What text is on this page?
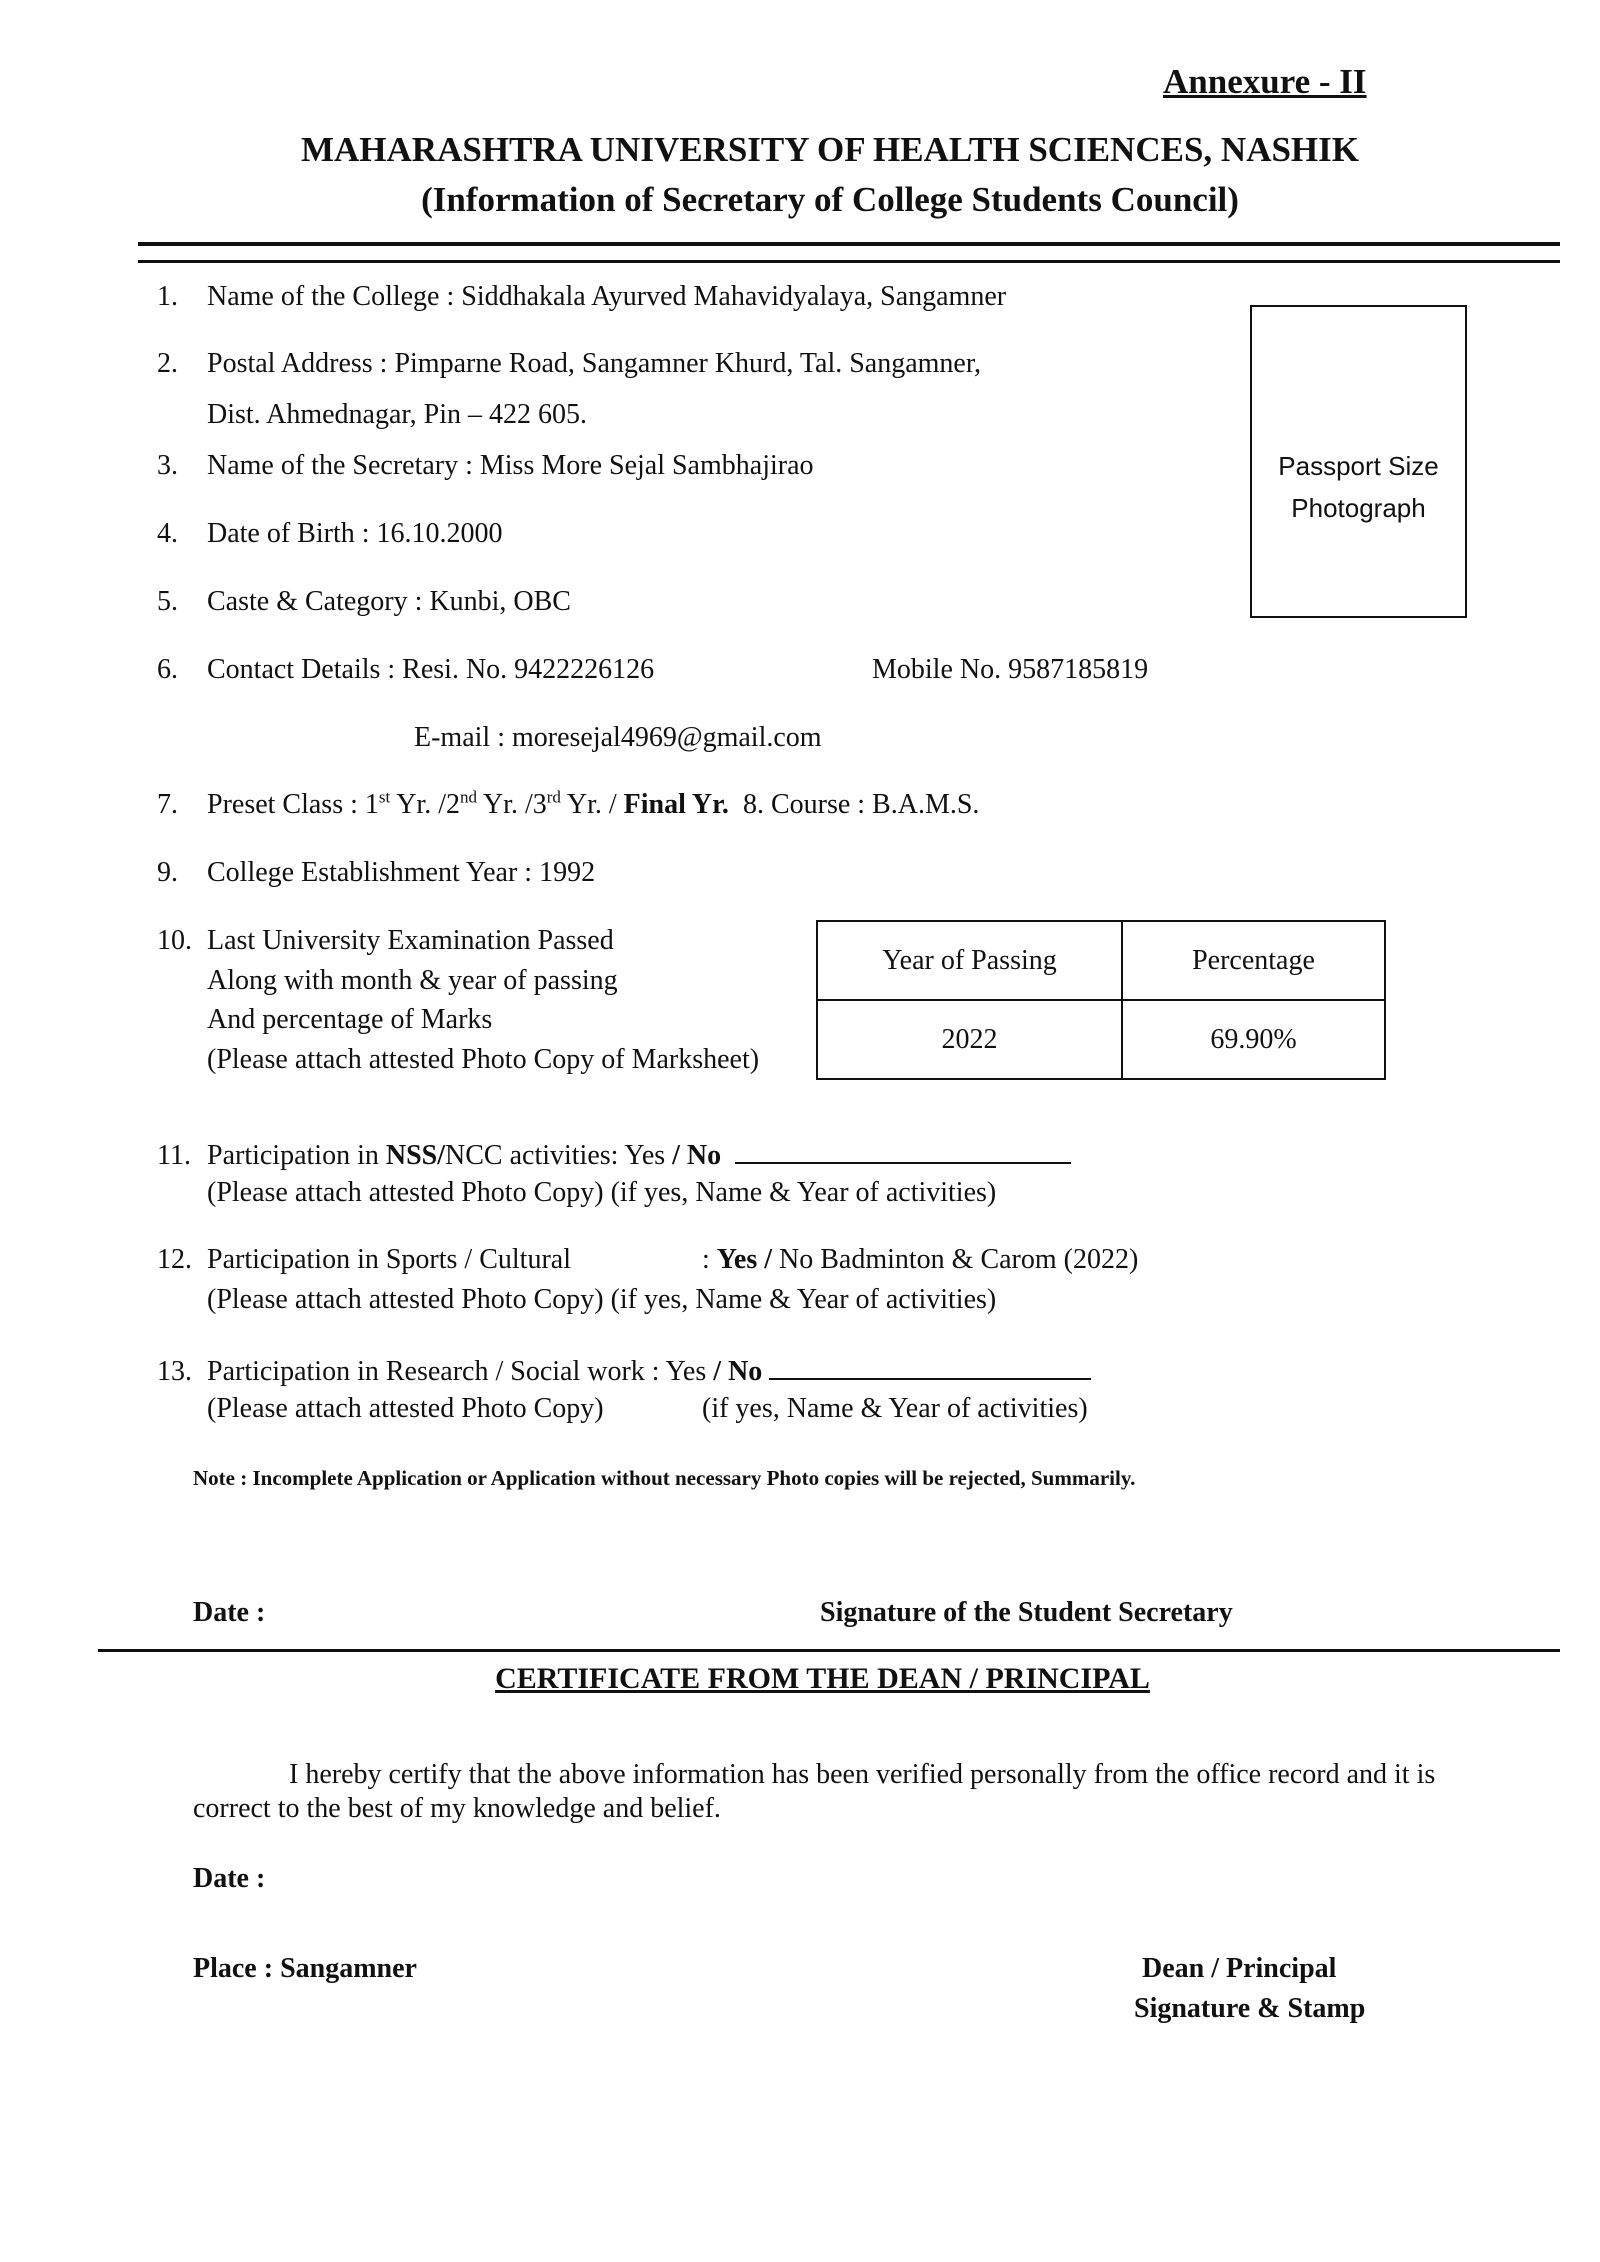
Annexure - II
MAHARASHTRA UNIVERSITY OF HEALTH SCIENCES, NASHIK
(Information of Secretary of College Students Council)
Passport Size
Photograph
1. Name of the College : Siddhakala Ayurved Mahavidyalaya, Sangamner
2. Postal Address : Pimparne Road, Sangamner Khurd, Tal. Sangamner,
Dist. Ahmednagar, Pin – 422 605.
3. Name of the Secretary : Miss More Sejal Sambhajirao
4. Date of Birth : 16.10.2000
5. Caste & Category : Kunbi, OBC
6. Contact Details : Resi. No. 9422226126	Mobile No. 9587185819
E-mail : moresejal4969@gmail.com
7. Preset Class : 1st Yr. /2nd Yr. /3rd Yr. / Final Yr. 8. Course : B.A.M.S.
9. College Establishment Year : 1992
10. Last University Examination Passed
Along with month & year of passing
And percentage of Marks
(Please attach attested Photo Copy of Marksheet)
Year of Passing	Percentage
2022	69.90%
11. Participation in NSS/NCC activities: Yes / No
(Please attach attested Photo Copy) (if yes, Name & Year of activities)
12. Participation in Sports / Cultural	: Yes / No Badminton & Carom (2022)
(Please attach attested Photo Copy) (if yes, Name & Year of activities)
13. Participation in Research / Social work : Yes / No
(Please attach attested Photo Copy)	(if yes, Name & Year of activities)
Note : Incomplete Application or Application without necessary Photo copies will be rejected, Summarily.
Date :	Signature of the Student Secretary
CERTIFICATE FROM THE DEAN / PRINCIPAL
I hereby certify that the above information has been verified personally from the office record and it is correct to the best of my knowledge and belief.
Date :
Place : Sangamner	Dean / Principal
Signature & Stamp
